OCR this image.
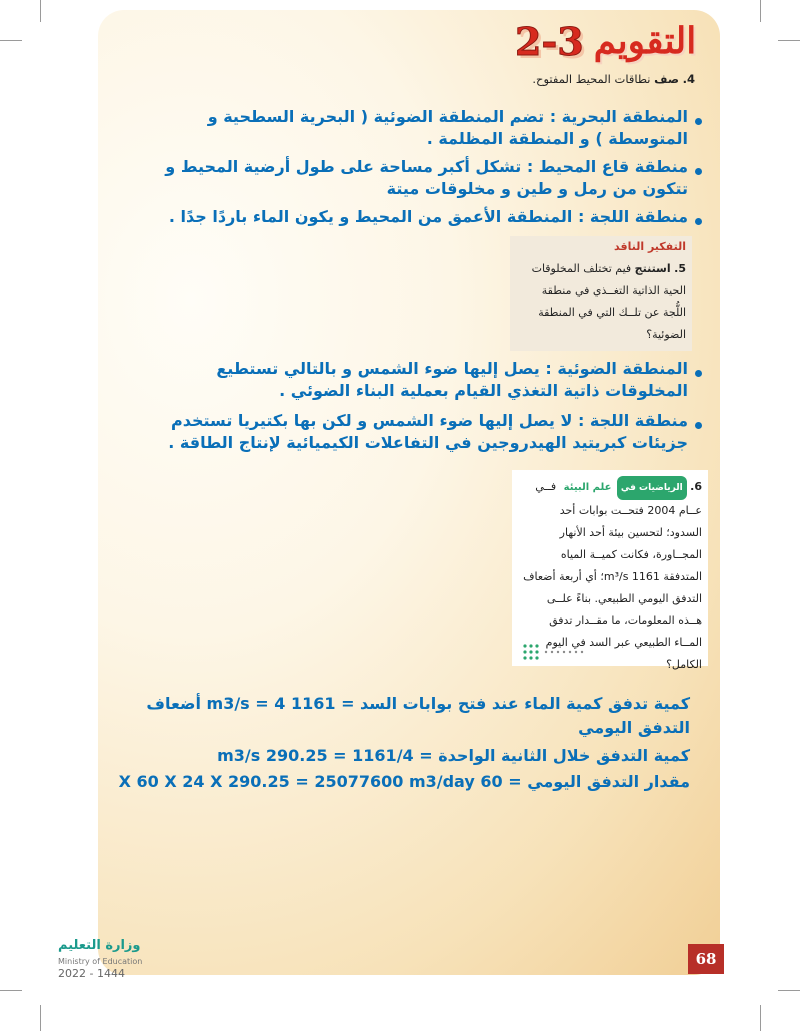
التقويم
2-3
4. صف نطاقات المحيط المفتوح.
المنطقة البحرية : تضم المنطقة الضوئية ( البحرية السطحية و المتوسطة ) و المنطقة المظلمة .
منطقة قاع المحيط : تشكل أكبر مساحة على طول أرضية المحيط و تتكون من رمل و طين و مخلوقات ميتة
منطقة اللجة : المنطقة الأعمق من المحيط و يكون الماء باردًا جدًا .
التفكير الناقد
5. استنتج فيم تختلف المخلوقات الحية الذاتية التغــذي في منطقة اللُّجة عن تلــك التي في المنطقة الضوئية؟
المنطقة الضوئية : يصل إليها ضوء الشمس و بالتالي تستطيع المخلوقات ذاتية التغذي القيام بعملية البناء الضوئي .
منطقة اللجة : لا يصل إليها ضوء الشمس و لكن بها بكتيريا تستخدم جزيئات كبريتيد الهيدروجين في التفاعلات الكيميائية لإنتاج الطاقة .
6. الرياضيات في علم البيئة فــي عــام 2004 فتحــت بوابات أحد السدود؛ لتحسين بيئة أحد الأنهار المجــاورة، فكانت كميــة المياه المتدفقة 1161 m³/s؛ أي أربعة أضعاف التدفق اليومي الطبيعي. بناءً علــى هــذه المعلومات، ما مقــدار تدفق المــاء الطبيعي عبر السد في اليوم الكامل؟
كمية تدفق كمية الماء عند فتح بوابات السد = 1161 m3/s = 4 أضعاف التدفق اليومي
كمية التدفق خلال الثانية الواحدة = 1161/4 = 290.25 m3/s
مقدار التدفق اليومي = 60 X 60 X 24 X 290.25 = 25077600 m3/day
68
وزارة التعليم
Ministry of Education
2022 - 1444
